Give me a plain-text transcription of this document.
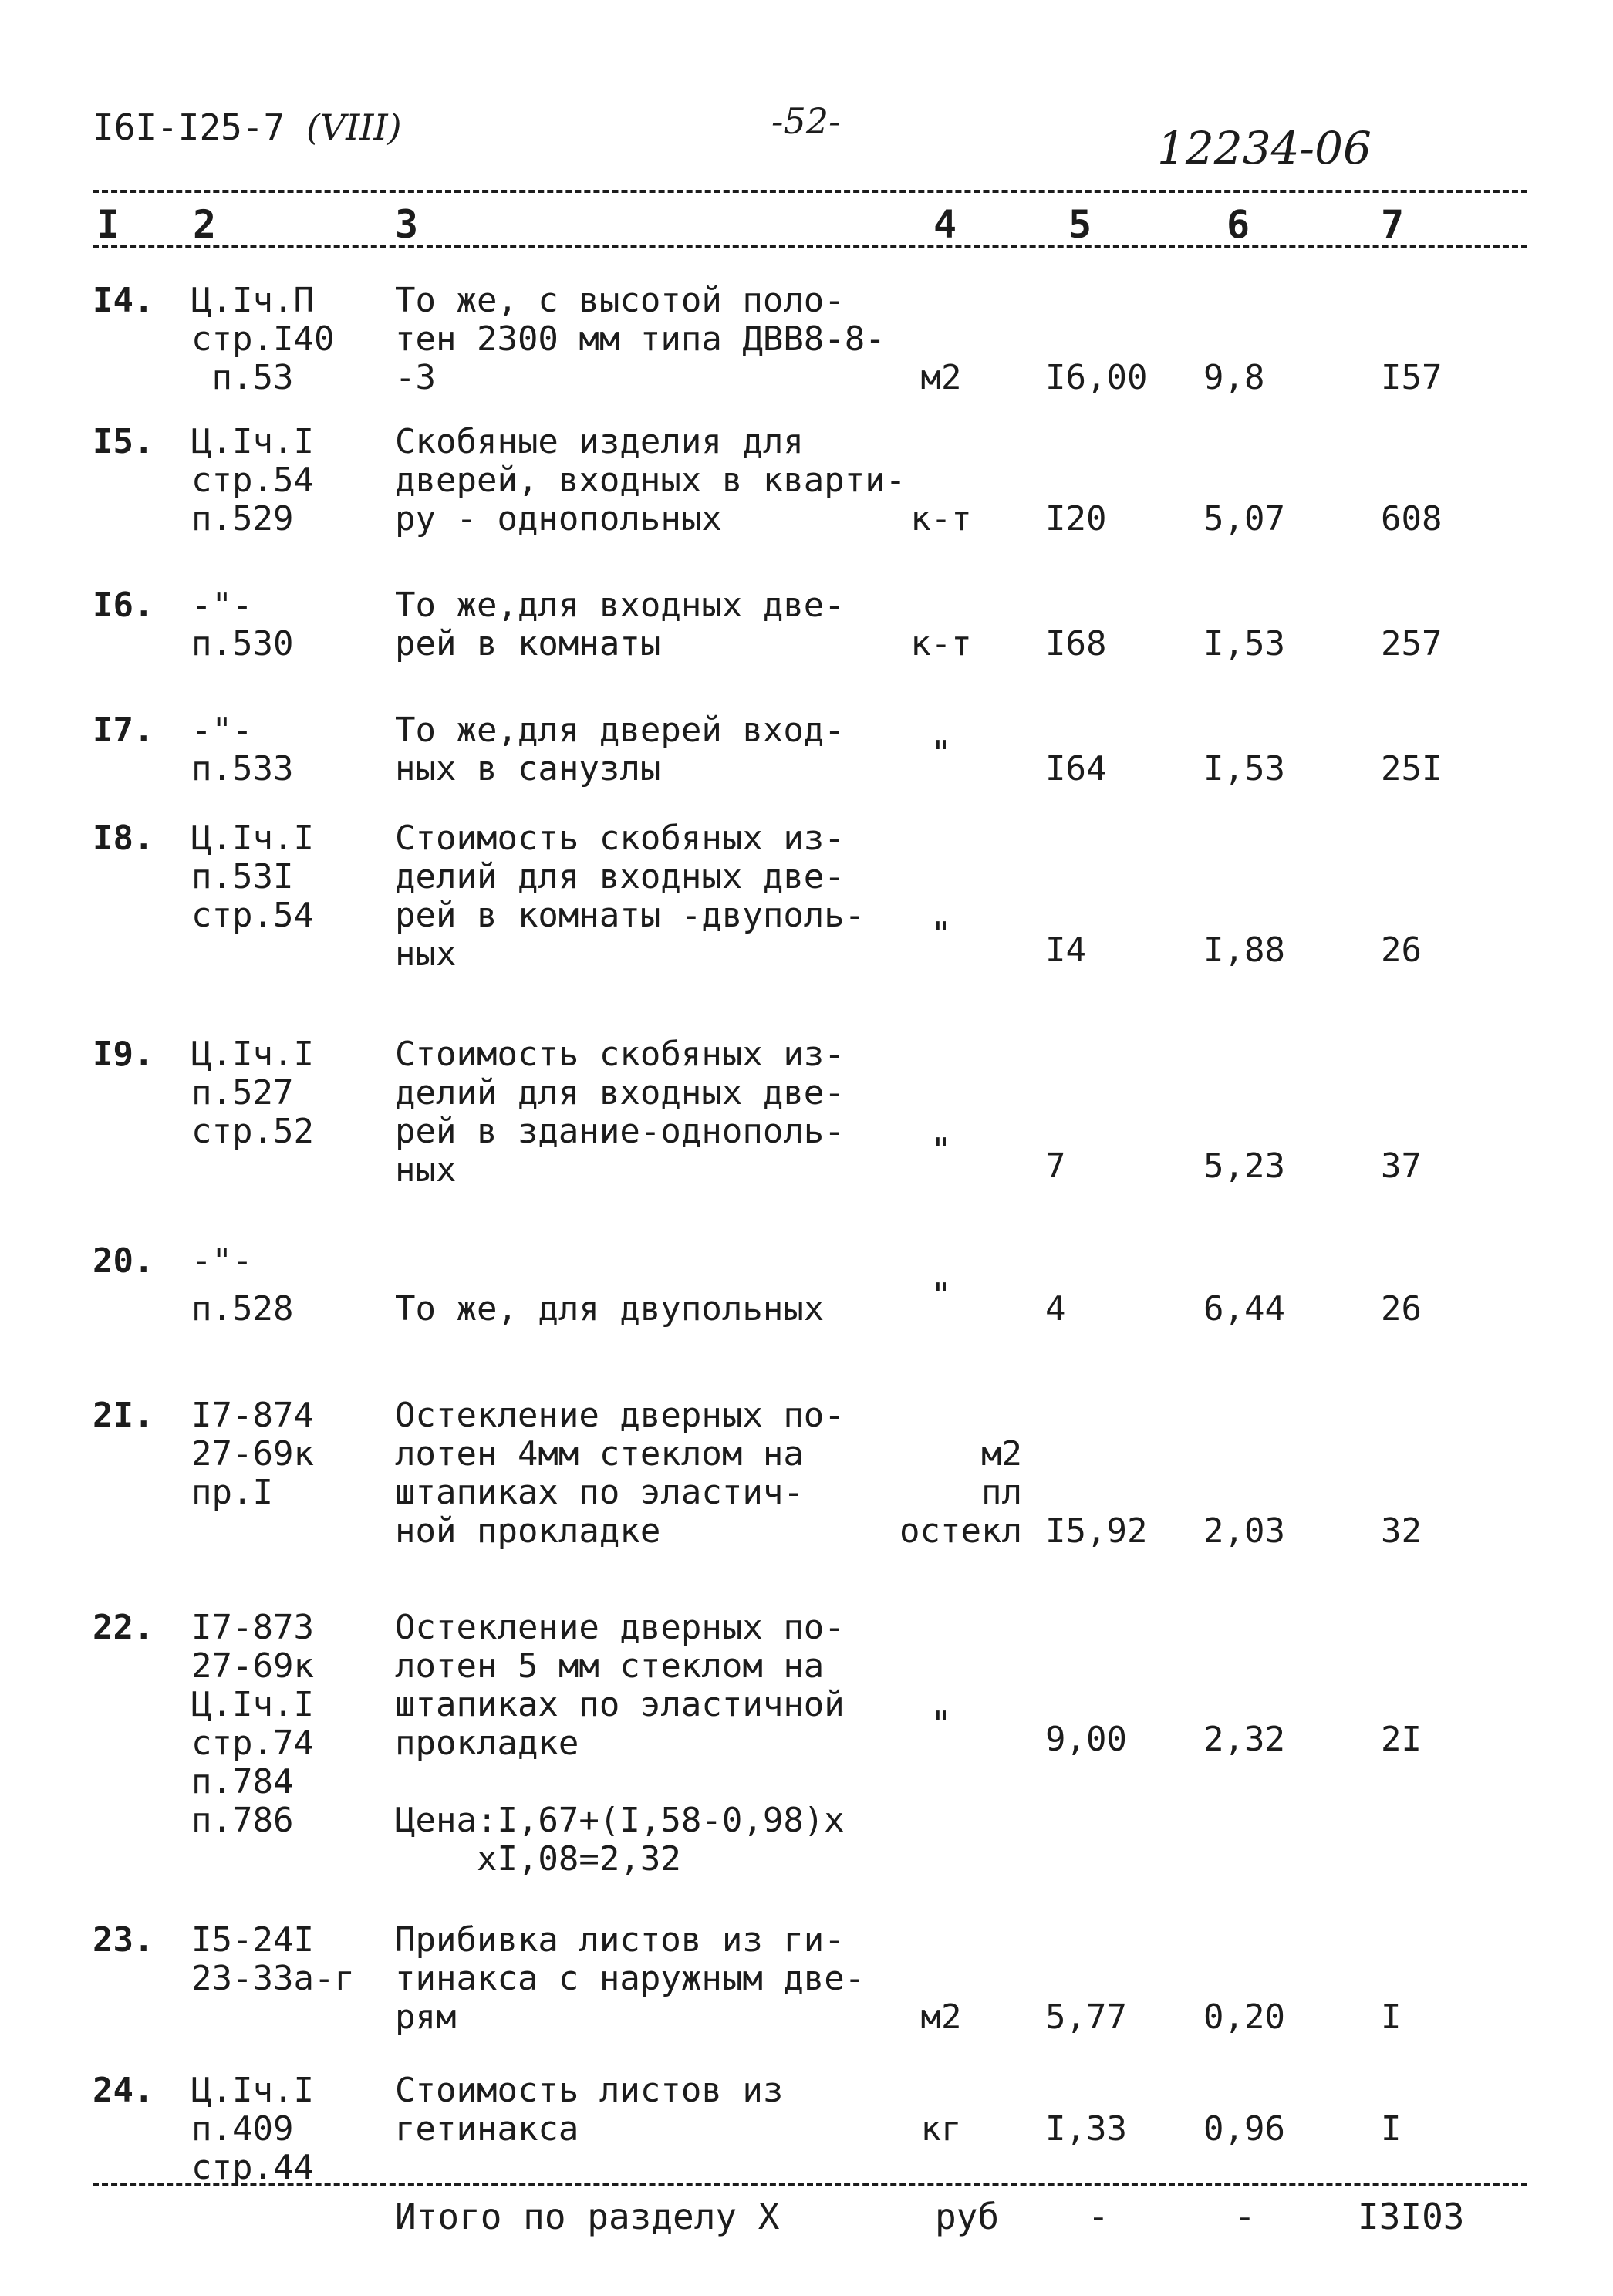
I6I-I25-7 (VIII)	-52-
12234-06
I 2	3	4	5	6	7
I4. Ц.Iч.П
стр.I40
п.53
То же, с высотой поло-
тен 2300 мм типа ДВВ8-8-
-3	м2	I6,00 9,8	I57
I5. Ц.Iч.I
стр.54
п.529
Скобяные изделия для
дверей, входных в кварти-
ру - однопольных	к-т	I20	5,07	608
I6. -"-
п.530
То же,для входных две-
рей в комнаты	к-т	I68	I,53	257
I7. -"-
п.533
То же,для дверей вход-
ных в санузлы	"	I64	I,53	25I
I8. Ц.Iч.I
п.53I
стр.54
Стоимость скобяных из-
делий для входных две-
рей в комнаты -двуполь-
ных	"	I4	I,88	26
I9. Ц.Iч.I
п.527
стр.52
Стоимость скобяных из-
делий для входных две-
рей в здание-однополь-
ных	"	7	5,23	37
20. -"-
п.528	То же, для двупольных	"	4	6,44	26
2I. I7-874
27-69к
пр.I
Остекление дверных по-
лотен 4мм стеклом на
штапиках по эластич-
ной прокладке
м2
пл
остекл I5,92 2,03	32
22. I7-873
27-69к
Ц.Iч.I
стр.74
п.784
п.786
Остекление дверных по-
лотен 5 мм стеклом на
штапиках по эластичной
прокладке	"	9,00 2,32	2I
Цена:I,67+(I,58-0,98)x
xI,08=2,32
23. I5-24I
23-33а-г
Прибивка листов из ги-
тинакса с наружным две-
рям	м2	5,77 0,20	I
24. Ц.Iч.I
п.409
стр.44
Стоимость листов из
гетинакса	кг	I,33 0,96	I
Итого по разделу X	руб -	-	I3I03
